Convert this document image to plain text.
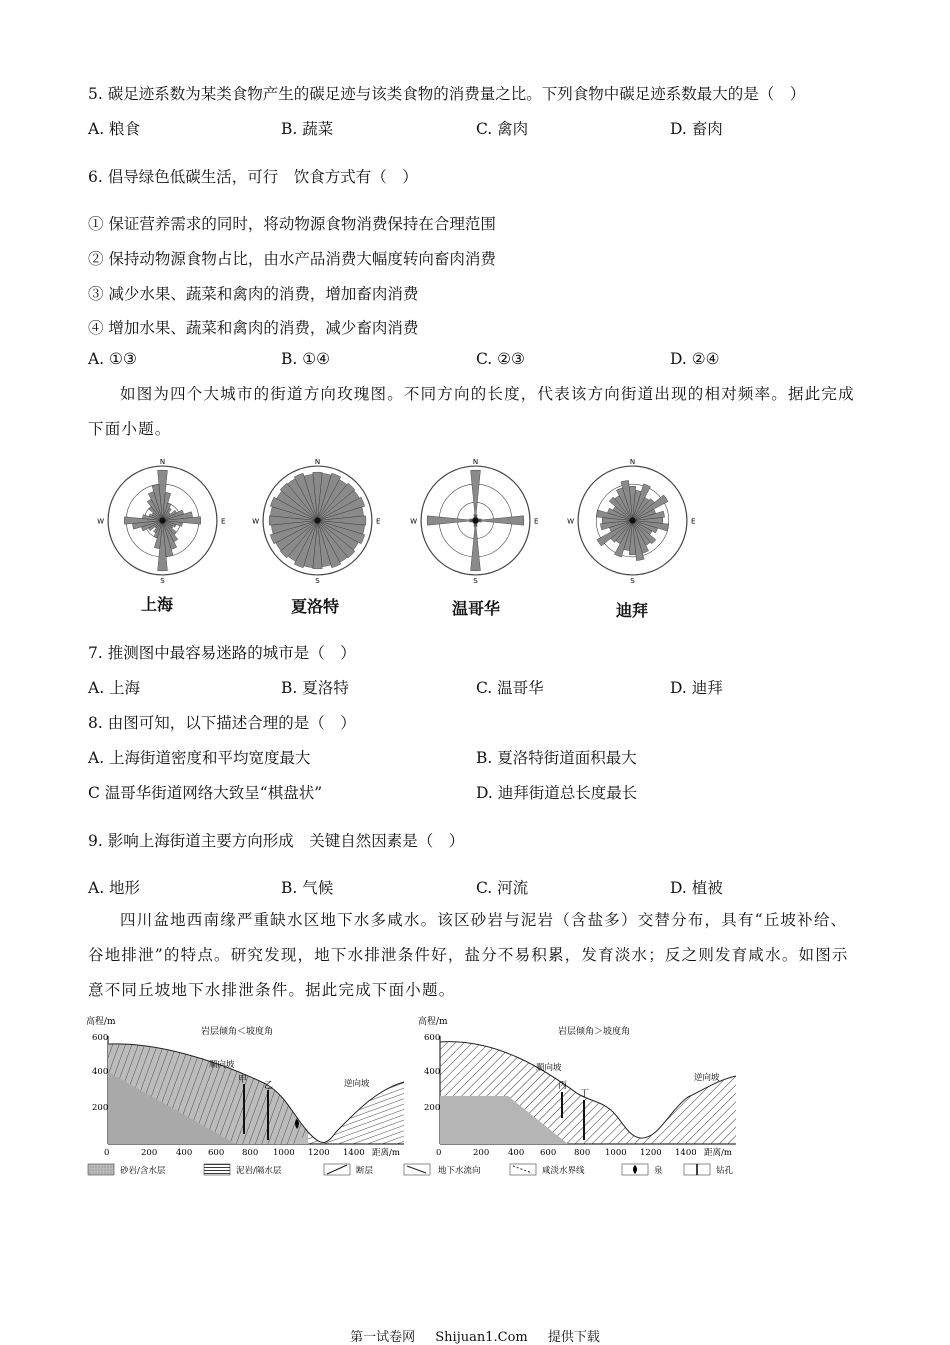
5. 碳足迹系数为某类食物产生的碳足迹与该类食物的消费量之比。下列食物中碳足迹系数最大的是（　）
A. 粮食	B. 蔬菜	C. 禽肉	D. 畜肉
6. 倡导绿色低碳生活，可行　饮食方式有（　）
① 保证营养需求的同时，将动物源食物消费保持在合理范围
② 保持动物源食物占比，由水产品消费大幅度转向畜肉消费
③ 减少水果、蔬菜和禽肉的消费，增加畜肉消费
④ 增加水果、蔬菜和禽肉的消费，减少畜肉消费
A. ①③	B. ①④	C. ②③	D. ②④
如图为四个大城市的街道方向玫瑰图。不同方向的长度，代表该方向街道出现的相对频率。据此完成
下面小题。
N
E
S
W
N
E
S
W
N
E
S
W
N
E
S
W
上海	夏洛特	温哥华	迪拜
7. 推测图中最容易迷路的城市是（　）
A. 上海	B. 夏洛特	C. 温哥华	D. 迪拜
8. 由图可知，以下描述合理的是（　）
A. 上海街道密度和平均宽度最大	B. 夏洛特街道面积最大
C 温哥华街道网络大致呈“棋盘状”	D. 迪拜街道总长度最长
9. 影响上海街道主要方向形成　关键自然因素是（　）
A. 地形	B. 气候	C. 河流	D. 植被
四川盆地西南缘严重缺水区地下水多咸水。该区砂岩与泥岩（含盐多）交替分布，具有“丘坡补给、
谷地排泄”的特点。研究发现，地下水排泄条件好，盐分不易积累，发育淡水；反之则发育咸水。如图示
意不同丘坡地下水排泄条件。据此完成下面小题。
高程/m
岩层倾角＜坡度角
600
400
200
0	200 400 600 800 1000 1200 1400 距离/m
甲
乙
顺向坡
逆向坡
高程/m
岩层倾角＞坡度角
600
400
200
0	200 400 600 800 1000 1200 1400 距离/m
丙
丁
顺向坡
逆向坡
砂岩/含水层	泥岩/隔水层	断层	地下水流向	咸淡水界线	泉	钻孔
第一试卷网 Shijuan1.Com 提供下载
